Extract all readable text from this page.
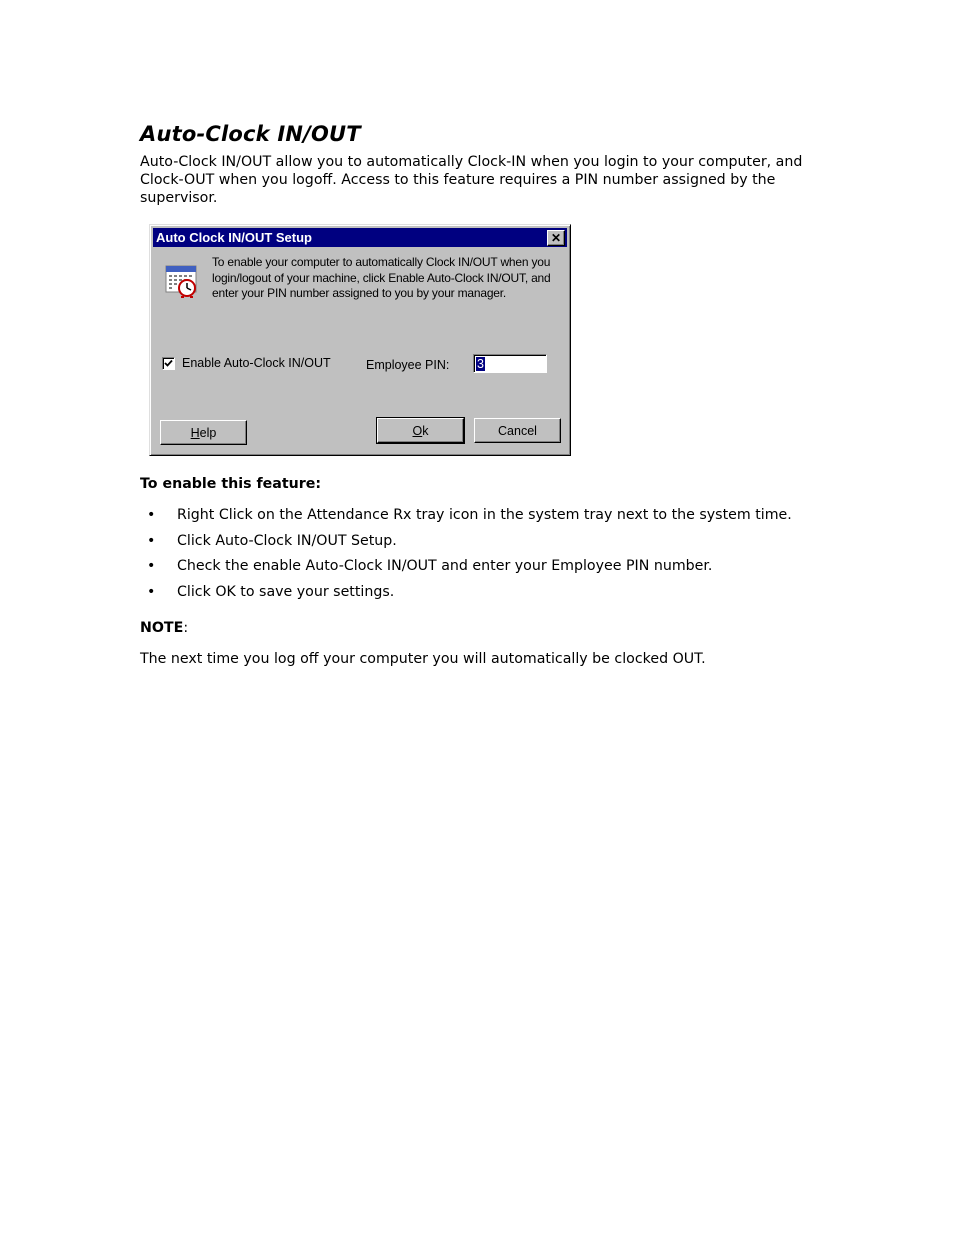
Auto-Clock IN/OUT
Auto-Clock IN/OUT allow you to automatically Clock-IN when you login to your computer, and Clock-OUT when you logoff. Access to this feature requires a PIN number assigned by the supervisor.
Auto Clock IN/OUT Setup	✕
To enable your computer to automatically Clock IN/OUT when you login/logout of your machine, click Enable Auto-Clock IN/OUT, and enter your PIN number assigned to you by your manager.
Enable Auto-Clock IN/OUT	Employee PIN: 3
Help	Ok	Cancel
To enable this feature:
• Right Click on the Attendance Rx tray icon in the system tray next to the system time.
• Click Auto-Clock IN/OUT Setup.
• Check the enable Auto-Clock IN/OUT and enter your Employee PIN number.
• Click OK to save your settings.
NOTE:
The next time you log off your computer you will automatically be clocked OUT.
